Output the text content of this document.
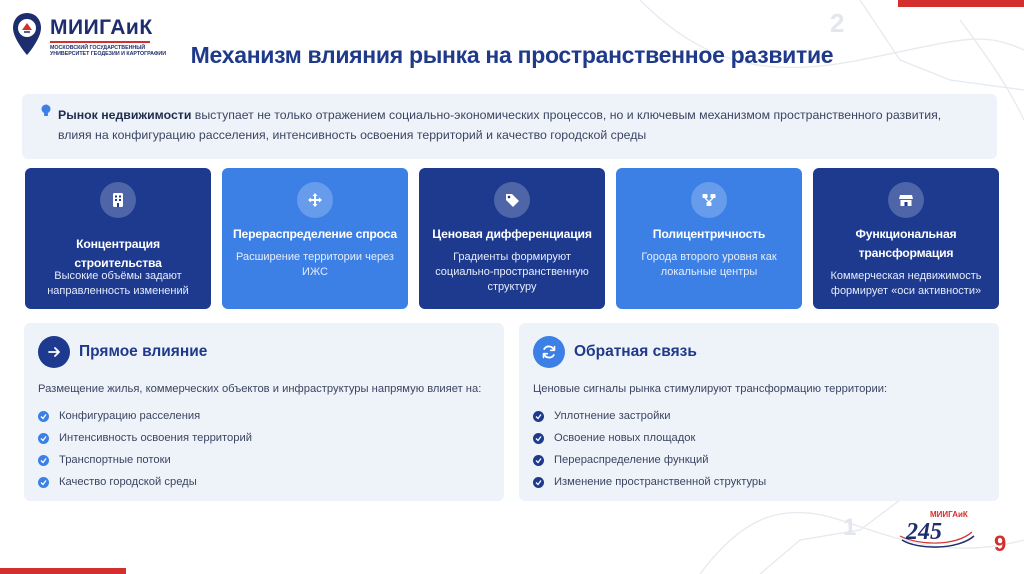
2
1
МИИГАиК
МОСКОВСКИЙ ГОСУДАРСТВЕННЫЙ
УНИВЕРСИТЕТ ГЕОДЕЗИИ И КАРТОГРАФИИ	Механизм влияния рынка на пространственное развитие
Рынок недвижимости выступает не только отражением социально-экономических процессов, но и ключевым механизмом пространственного развития,
влияя на конфигурацию расселения, интенсивность освоения территорий и качество городской среды
Концентрация строительства
Высокие объёмы задают направленность изменений
Перераспределение спроса
Расширение территории через ИЖС
Ценовая дифференциация
Градиенты формируют социально-пространственную структуру
Полицентричность
Города второго уровня как локальные центры
Функциональная трансформация
Коммерческая недвижимость формирует «оси активности»
Прямое влияние
Размещение жилья, коммерческих объектов и инфраструктуры напрямую влияет на:
Конфигурацию расселения
Интенсивность освоения территорий
Транспортные потоки
Качество городской среды
Обратная связь
Ценовые сигналы рынка стимулируют трансформацию территории:
Уплотнение застройки
Освоение новых площадок
Перераспределение функций
Изменение пространственной структуры
МИИГАиК
245 9
